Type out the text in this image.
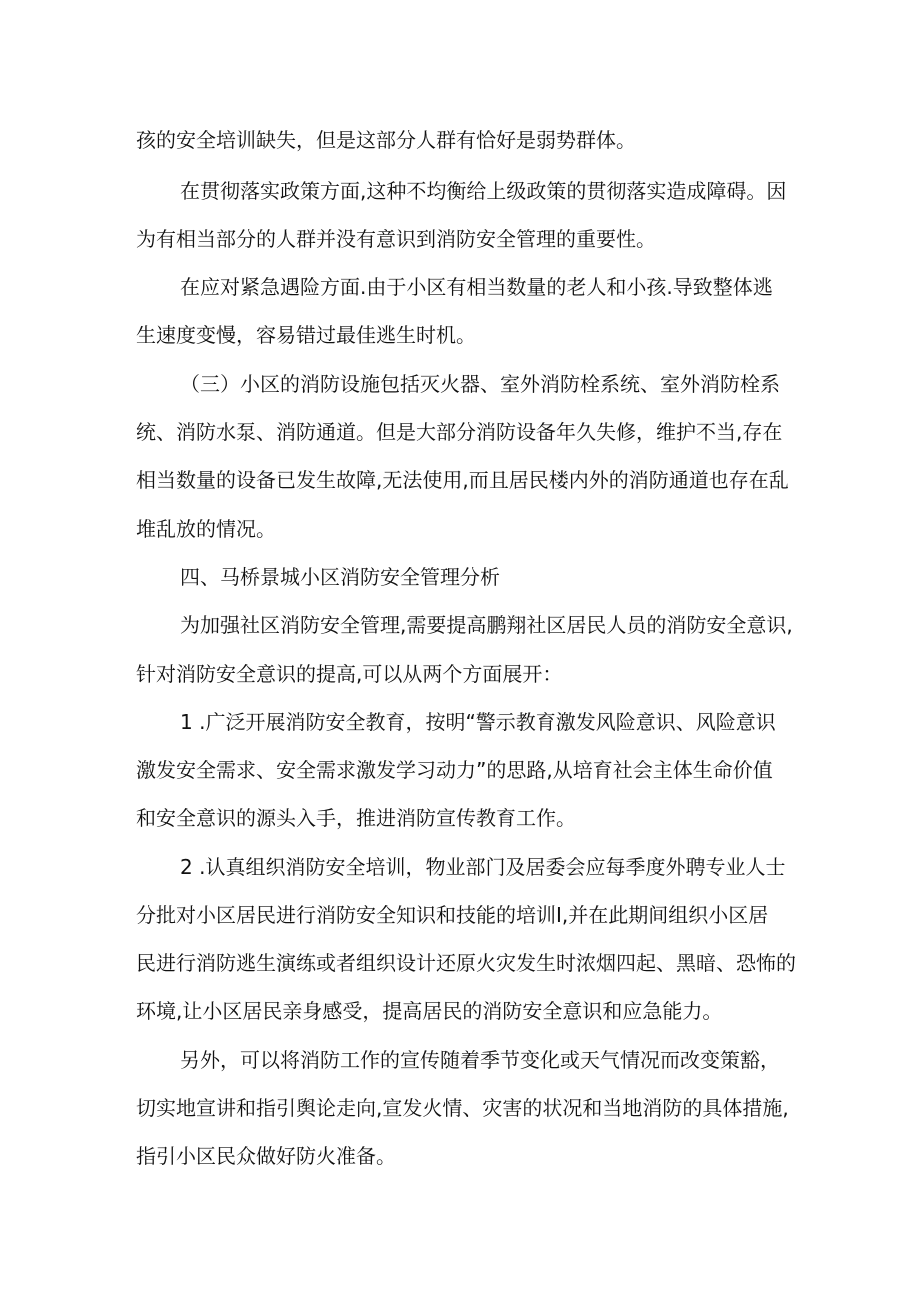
孩的安全培训缺失，但是这部分人群有恰好是弱势群体。
在贯彻落实政策方面,这种不均衡给上级政策的贯彻落实造成障碍。因
为有相当部分的人群并没有意识到消防安全管理的重要性。
在应对紧急遇险方面.由于小区有相当数量的老人和小孩.导致整体逃
生速度变慢，容易错过最佳逃生时机。
（三）小区的消防设施包括灭火器、室外消防栓系统、室外消防栓系
统、消防水泵、消防通道。但是大部分消防设备年久失修，维护不当,存在
相当数量的设备已发生故障,无法使用,而且居民楼内外的消防通道也存在乱
堆乱放的情况。
四、马桥景城小区消防安全管理分析
为加强社区消防安全管理,需要提高鹏翔社区居民人员的消防安全意识,
针对消防安全意识的提高,可以从两个方面展开：
1 .广泛开展消防安全教育，按明“警示教育激发风险意识、风险意识
激发安全需求、安全需求激发学习动力”的思路,从培育社会主体生命价值
和安全意识的源头入手，推进消防宣传教育工作。
2 .认真组织消防安全培训，物业部门及居委会应每季度外聘专业人士
分批对小区居民进行消防安全知识和技能的培训I,并在此期间组织小区居
民进行消防逃生演练或者组织设计还原火灾发生时浓烟四起、黑暗、恐怖的
环境,让小区居民亲身感受，提高居民的消防安全意识和应急能力。
另外，可以将消防工作的宣传随着季节变化或天气情况而改变策豁，
切实地宣讲和指引舆论走向,宣发火情、灾害的状况和当地消防的具体措施,
指引小区民众做好防火准备。
